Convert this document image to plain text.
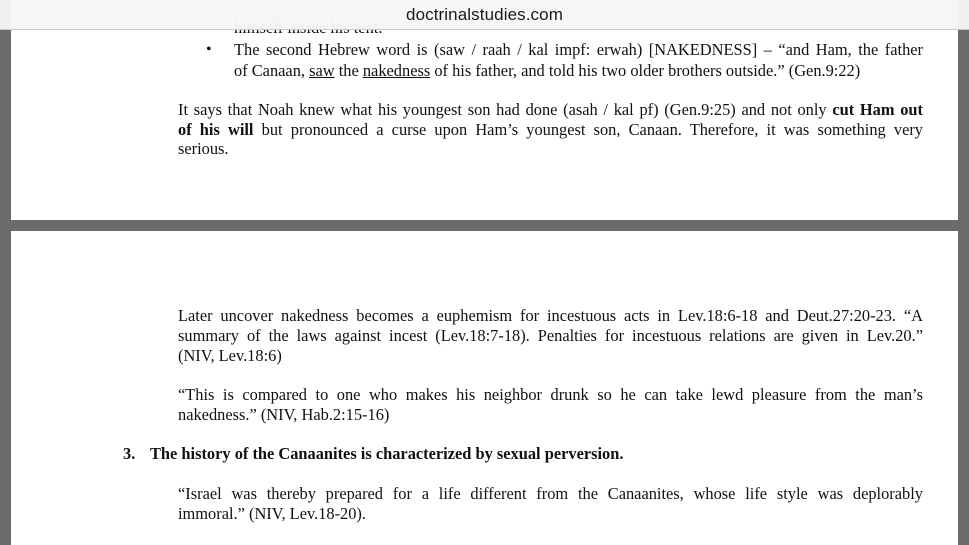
doctrinalstudies.com
• The second Hebrew word is (saw / raah / kal impf: erwah) [NAKEDNESS] – “and Ham, the father
of Canaan, saw the nakedness of his father, and told his two older brothers outside.” (Gen.9:22)
It says that Noah knew what his youngest son had done (asah / kal pf) (Gen.9:25) and not only cut Ham out
of his will but pronounced a curse upon Ham’s youngest son, Canaan. Therefore, it was something very
serious.
Later uncover nakedness becomes a euphemism for incestuous acts in Lev.18:6-18 and Deut.27:20-23. “A
summary of the laws against incest (Lev.18:7-18). Penalties for incestuous relations are given in Lev.20.”
(NIV, Lev.18:6)
“This is compared to one who makes his neighbor drunk so he can take lewd pleasure from the man’s
nakedness.” (NIV, Hab.2:15-16)
3. The history of the Canaanites is characterized by sexual perversion.
“Israel was thereby prepared for a life different from the Canaanites, whose life style was deplorably
immoral.” (NIV, Lev.18-20).
